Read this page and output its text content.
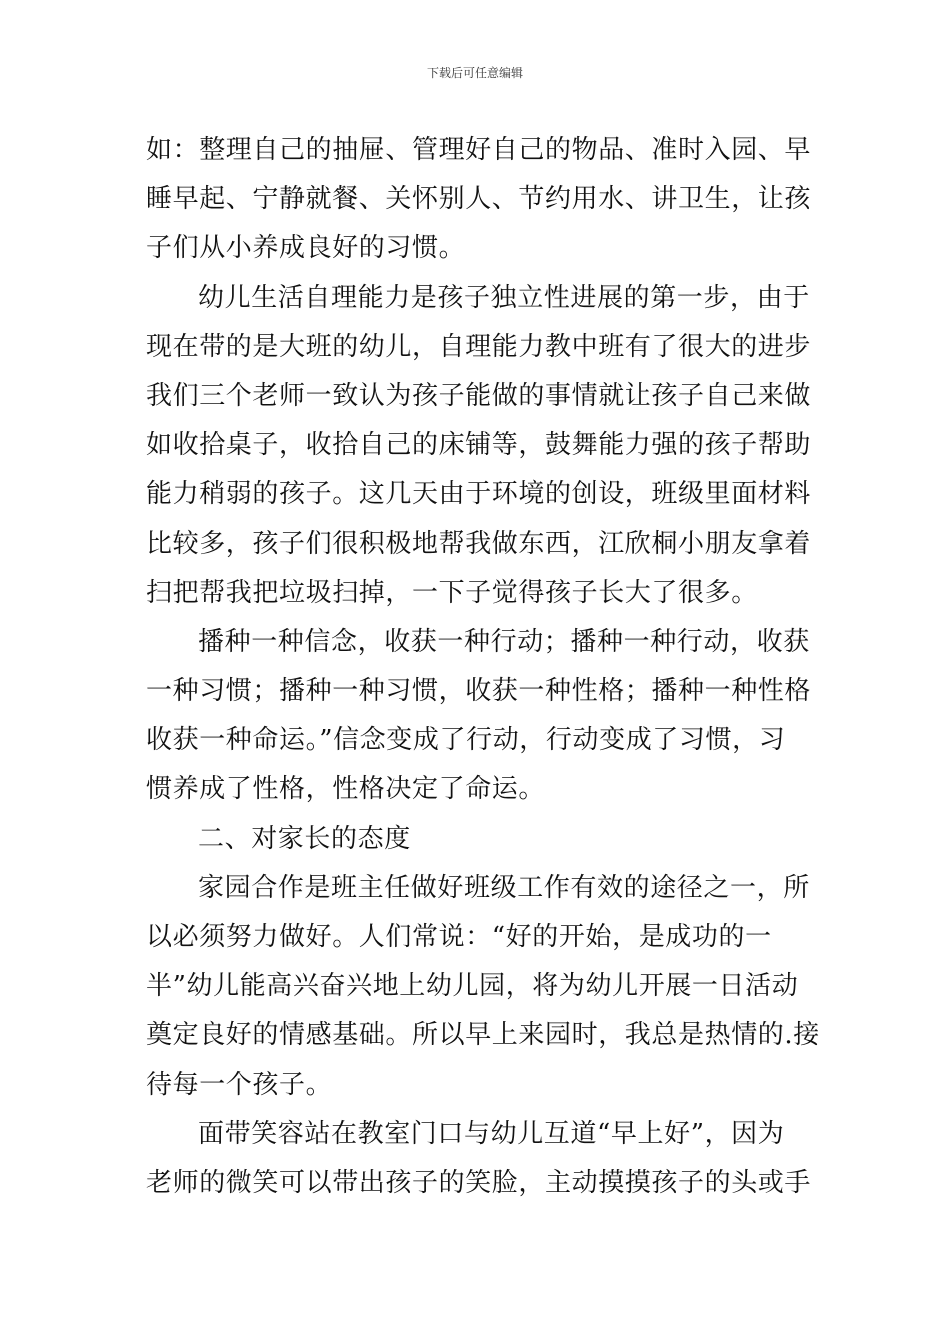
下载后可任意编辑
如：整理自己的抽屉、管理好自己的物品、准时入园、早
睡早起、宁静就餐、关怀别人、节约用水、讲卫生，让孩
子们从小养成良好的习惯。
幼儿生活自理能力是孩子独立性进展的第一步，由于
现在带的是大班的幼儿，自理能力教中班有了很大的进步
我们三个老师一致认为孩子能做的事情就让孩子自己来做
如收拾桌子，收拾自己的床铺等，鼓舞能力强的孩子帮助
能力稍弱的孩子。这几天由于环境的创设，班级里面材料
比较多，孩子们很积极地帮我做东西，江欣桐小朋友拿着
扫把帮我把垃圾扫掉，一下子觉得孩子长大了很多。
播种一种信念，收获一种行动；播种一种行动，收获
一种习惯；播种一种习惯，收获一种性格；播种一种性格
收获一种命运。”信念变成了行动，行动变成了习惯，习
惯养成了性格，性格决定了命运。
二、对家长的态度
家园合作是班主任做好班级工作有效的途径之一，所
以必须努力做好。人们常说：“好的开始，是成功的一
半”幼儿能高兴奋兴地上幼儿园，将为幼儿开展一日活动
奠定良好的情感基础。所以早上来园时，我总是热情的.接
待每一个孩子。
面带笑容站在教室门口与幼儿互道“早上好”，因为
老师的微笑可以带出孩子的笑脸，主动摸摸孩子的头或手
